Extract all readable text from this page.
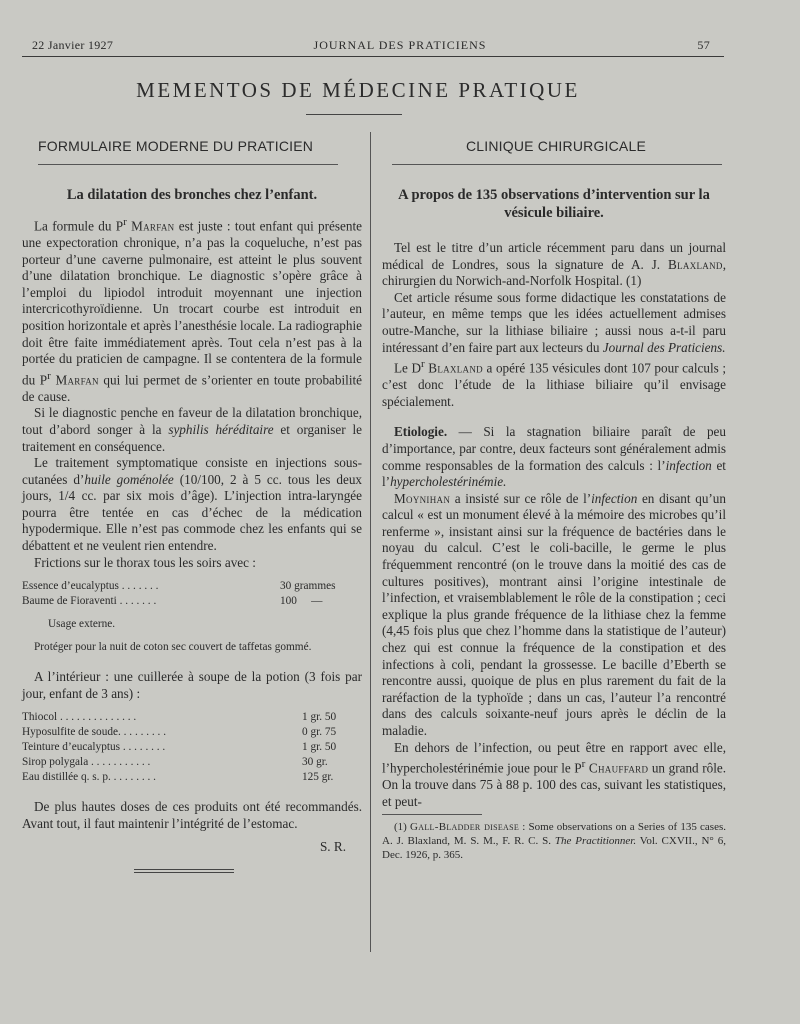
22 Janvier 1927	JOURNAL DES PRATICIENS	57
MEMENTOS DE MÉDECINE PRATIQUE
FORMULAIRE MODERNE DU PRATICIEN	CLINIQUE CHIRURGICALE
La dilatation des bronches chez l’enfant.

La formule du $P^r$ Marfan est juste : tout enfant qui présente une expectoration chronique, n’a pas la coqueluche, n’est pas porteur d’une caverne pulmonaire, est atteint le plus souvent d’une dilatation bronchique. Le diagnostic s’opère grâce à l’emploi du lipiodol introduit moyennant une injection intercricothyroïdienne. Un trocart courbe est introduit en position horizontale et après l’anesthésie locale. La radiographie doit être faite immédiatement après. Tout cela n’est pas à la portée du praticien de campagne. Il se contentera de la formule du $P^r$ Marfan qui lui permet de s’orienter en toute probabilité de cause.

Si le diagnostic penche en faveur de la dilatation bronchique, tout d’abord songer à la syphilis héréditaire et organiser le traitement en conséquence.

Le traitement symptomatique consiste en injections sous-cutanées d’huile goménolée (10/100, 2 à 5 cc. tous les deux jours, 1/4 cc. par six mois d’âge). L’injection intra-laryngée pourra être tentée en cas d’échec de la médication hypodermique. Elle n’est pas commode chez les enfants qui se débattent et ne veulent rien entendre.

Frictions sur le thorax tous les soirs avec :

Essence d’eucalyptus . . . . . . .	30 grammes
Baume de Fioraventi . . . . . . .	100     —
Usage externe.
Protéger pour la nuit de coton sec couvert de taffetas gommé.

A l’intérieur : une cuillerée à soupe de la potion (3 fois par jour, enfant de 3 ans) :

Thiocol . . . . . . . . . . . . . .	1 gr. 50
Hyposulfite de soude. . . . . . . . .	0 gr. 75
Teinture d’eucalyptus . . . . . . . .	1 gr. 50
Sirop polygala . . . . . . . . . . .	30 gr.
Eau distillée q. s. p. . . . . . . . .	125 gr.

De plus hautes doses de ces produits ont été recommandés. Avant tout, il faut maintenir l’intégrité de l’estomac.

S. R.
A propos de 135 observations d’intervention sur la vésicule biliaire.

Tel est le titre d’un article récemment paru dans un journal médical de Londres, sous la signature de A. J. Blaxland, chirurgien du Norwich-and-Norfolk Hospital. (1)

Cet article résume sous forme didactique les constatations de l’auteur, en même temps que les idées actuellement admises outre-Manche, sur la lithiase biliaire ; aussi nous a-t-il paru intéressant d’en faire part aux lecteurs du Journal des Praticiens.

Le $D^r$ Blaxland a opéré 135 vésicules dont 107 pour calculs ; c’est donc l’étude de la lithiase biliaire qu’il envisage spécialement.

Etiologie. — Si la stagnation biliaire paraît de peu d’importance, par contre, deux facteurs sont généralement admis comme responsables de la formation des calculs : l’infection et l’hypercholestérinémie.

Moynihan a insisté sur ce rôle de l’infection en disant qu’un calcul « est un monument élevé à la mémoire des microbes qu’il renferme », insistant ainsi sur la fréquence de bactéries dans le noyau du calcul. C’est le coli-bacille, le germe le plus fréquemment rencontré (on le trouve dans la moitié des cas de cultures positives), montrant ainsi l’origine intestinale de l’infection, et vraisemblablement le rôle de la constipation ; ceci explique la plus grande fréquence de la lithiase chez la femme (4,45 fois plus que chez l’homme dans la statistique de l’auteur) chez qui est connue la fréquence de la constipation et des infections à coli, pendant la grossesse. Le bacille d’Eberth se rencontre aussi, quoique de plus en plus rarement du fait de la raréfaction de la typhoïde ; dans un cas, l’auteur l’a rencontré dans des calculs soixante-neuf jours après le déclin de la maladie.

En dehors de l’infection, ou peut être en rapport avec elle, l’hypercholestérinémie joue pour le $P^r$ Chauffard un grand rôle. On la trouve dans 75 à 88 p. 100 des cas, suivant les statistiques, et peut-

(1) Gall-Bladder disease : Some observations on a Series of 135 cases. A. J. Blaxland, M. S. M., F. R. C. S. The Practitionner. Vol. CXVII., N° 6, Dec. 1926, p. 365.
